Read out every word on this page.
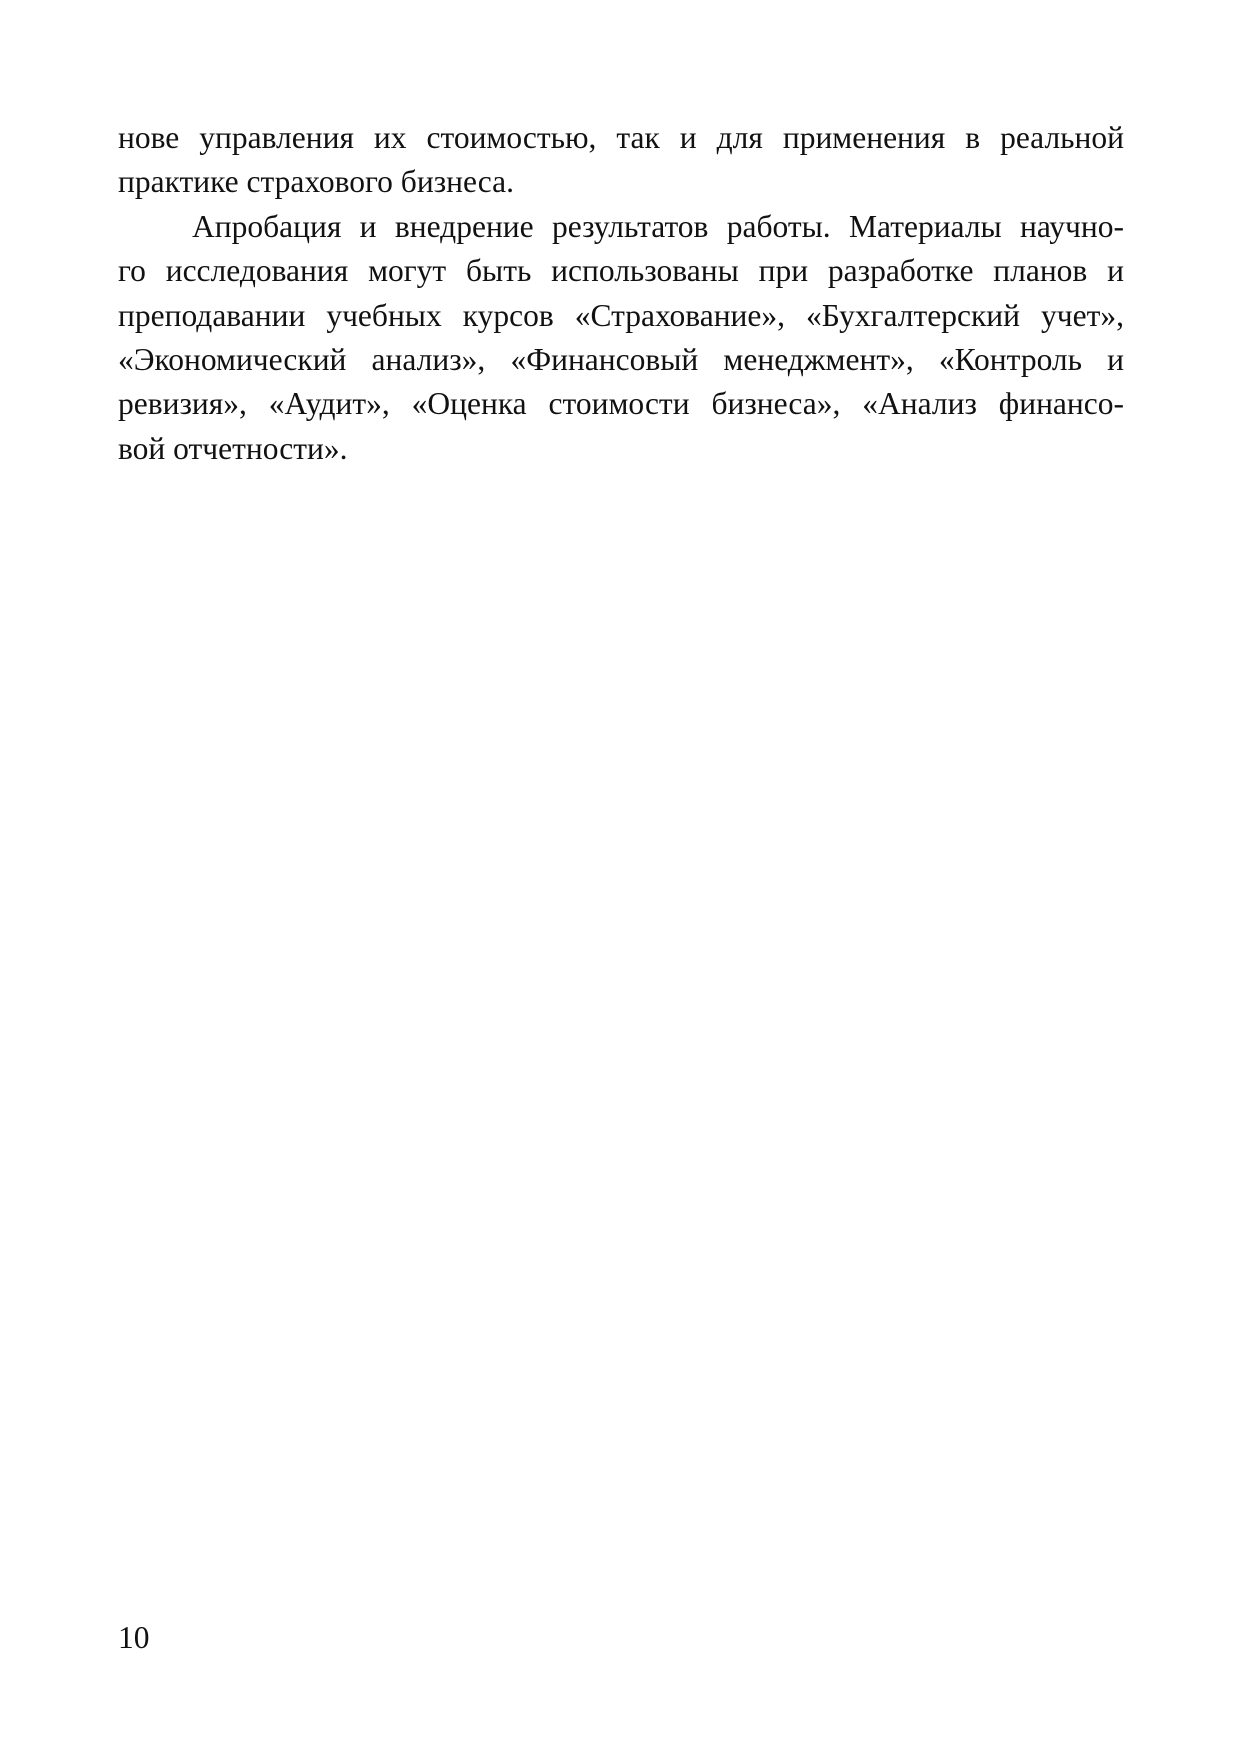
нове управления их стоимостью, так и для применения в реальной
практике страхового бизнеса.
Апробация и внедрение результатов работы. Материалы научно-
го исследования могут быть использованы при разработке планов и
преподавании учебных курсов «Страхование», «Бухгалтерский учет»,
«Экономический анализ», «Финансовый менеджмент», «Контроль и
ревизия», «Аудит», «Оценка стоимости бизнеса», «Анализ финансо-
вой отчетности».
10
